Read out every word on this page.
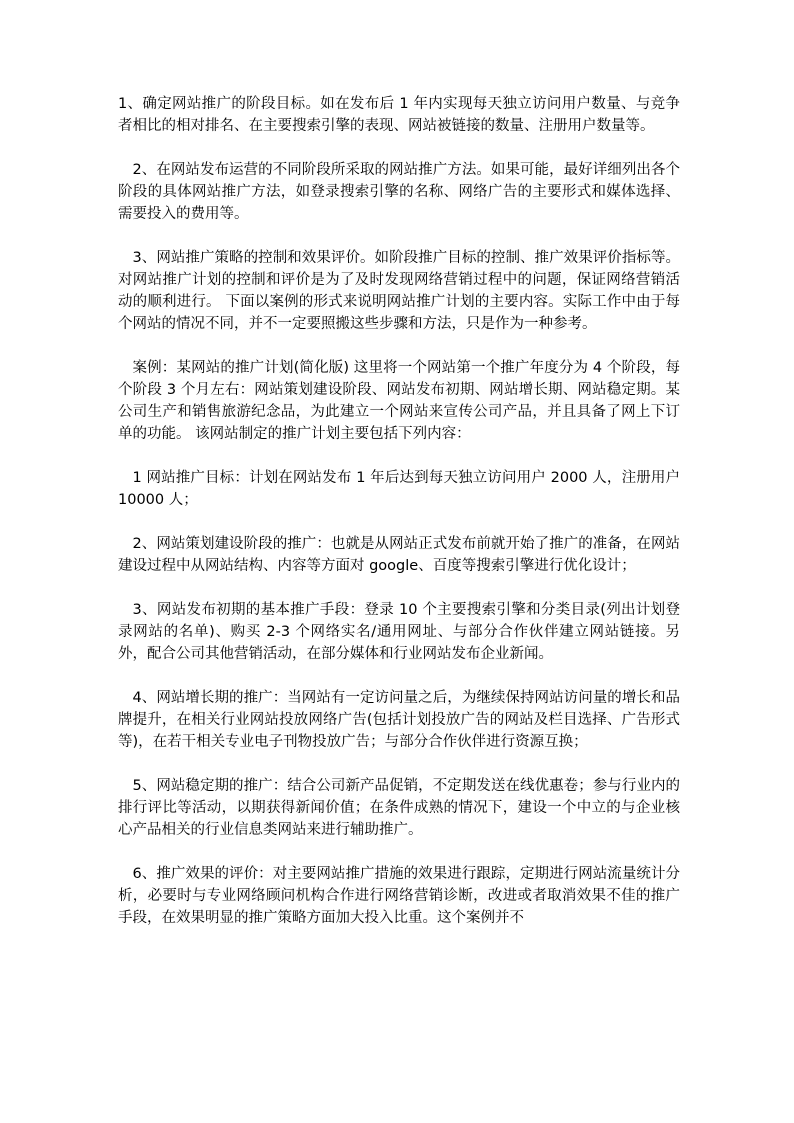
1、确定网站推广的阶段目标。如在发布后 1 年内实现每天独立访问用户数量、与竞争者相比的相对排名、在主要搜索引擎的表现、网站被链接的数量、注册用户数量等。

2、在网站发布运营的不同阶段所采取的网站推广方法。如果可能，最好详细列出各个阶段的具体网站推广方法，如登录搜索引擎的名称、网络广告的主要形式和媒体选择、需要投入的费用等。

3、网站推广策略的控制和效果评价。如阶段推广目标的控制、推广效果评价指标等。对网站推广计划的控制和评价是为了及时发现网络营销过程中的问题，保证网络营销活动的顺利进行。 下面以案例的形式来说明网站推广计划的主要内容。实际工作中由于每个网站的情况不同，并不一定要照搬这些步骤和方法，只是作为一种参考。

案例：某网站的推广计划(简化版) 这里将一个网站第一个推广年度分为 4 个阶段，每个阶段 3 个月左右：网站策划建设阶段、网站发布初期、网站增长期、网站稳定期。某公司生产和销售旅游纪念品，为此建立一个网站来宣传公司产品，并且具备了网上下订单的功能。 该网站制定的推广计划主要包括下列内容：

1 网站推广目标：计划在网站发布 1 年后达到每天独立访问用户 2000 人，注册用户 10000 人；

2、网站策划建设阶段的推广：也就是从网站正式发布前就开始了推广的准备，在网站建设过程中从网站结构、内容等方面对 google、百度等搜索引擎进行优化设计；

3、网站发布初期的基本推广手段：登录 10 个主要搜索引擎和分类目录(列出计划登录网站的名单)、购买 2-3 个网络实名/通用网址、与部分合作伙伴建立网站链接。另外，配合公司其他营销活动，在部分媒体和行业网站发布企业新闻。

4、网站增长期的推广：当网站有一定访问量之后，为继续保持网站访问量的增长和品牌提升，在相关行业网站投放网络广告(包括计划投放广告的网站及栏目选择、广告形式等)，在若干相关专业电子刊物投放广告；与部分合作伙伴进行资源互换；

5、网站稳定期的推广：结合公司新产品促销，不定期发送在线优惠卷；参与行业内的排行评比等活动，以期获得新闻价值；在条件成熟的情况下，建设一个中立的与企业核心产品相关的行业信息类网站来进行辅助推广。

6、推广效果的评价：对主要网站推广措施的效果进行跟踪，定期进行网站流量统计分析，必要时与专业网络顾问机构合作进行网络营销诊断，改进或者取消效果不佳的推广手段，在效果明显的推广策略方面加大投入比重。这个案例并不
